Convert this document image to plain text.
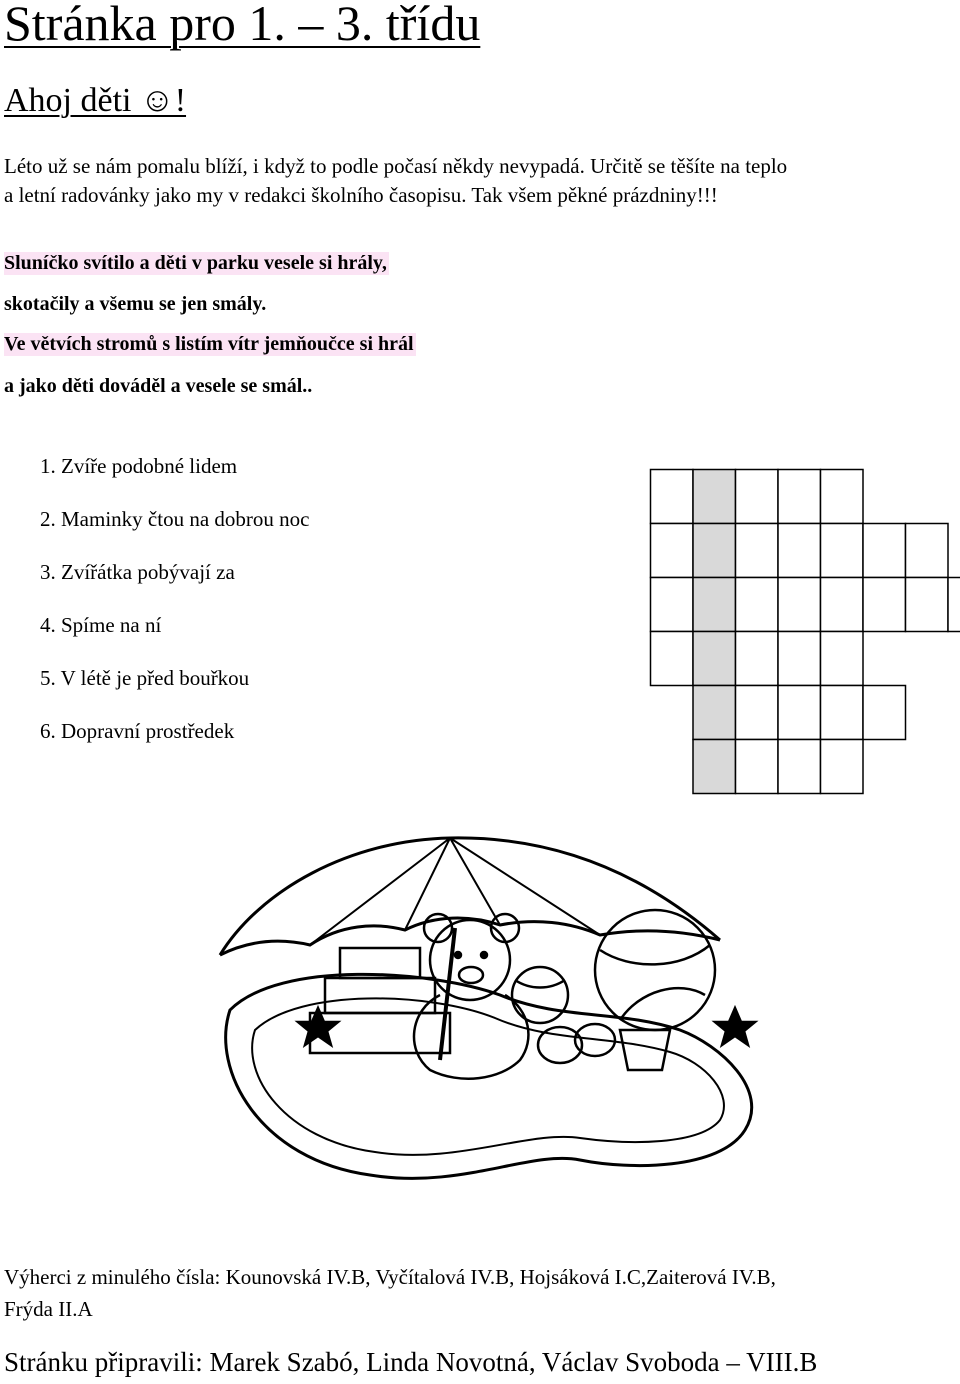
Stránka pro 1. – 3. třídu
Ahoj děti ☺!
Léto už se nám pomalu blíží, i když to podle počasí někdy nevypadá. Určitě se těšíte na teplo
a letní radovánky jako my v redakci školního časopisu. Tak všem pěkné prázdniny!!!
Sluníčko svítilo a děti v parku vesele si hrály,
skotačily a všemu se jen smály.
Ve větvích stromů s listím vítr jemňoučce si hrál
a jako děti dováděl a vesele se smál..
1. Zvíře podobné lidem
2. Maminky čtou na dobrou noc
3. Zvířátka pobývají za
4. Spíme na ní
5. V létě je před bouřkou
6. Dopravní prostředek
Výherci z minulého čísla: Kounovská IV.B, Vyčítalová IV.B, Hojsáková I.C,Zaiterová IV.B,
Frýda II.A
Stránku připravili: Marek Szabó, Linda Novotná, Václav Svoboda – VIII.B
